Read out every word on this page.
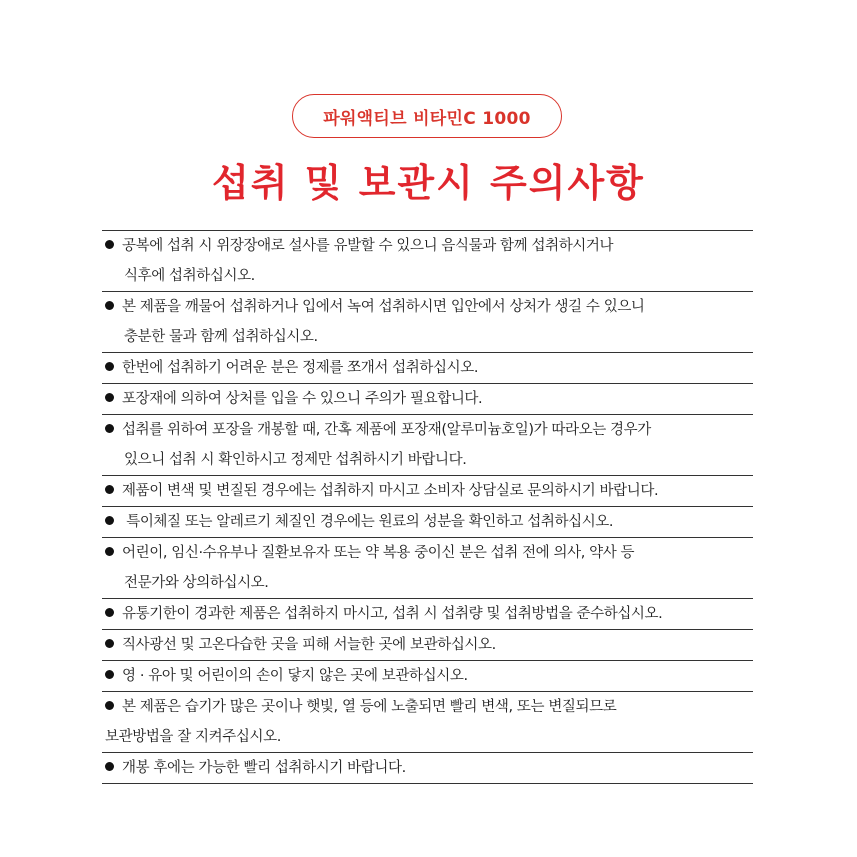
파워액티브 비타민C 1000
섭취 및 보관시 주의사항
공복에 섭취 시 위장장애로 설사를 유발할 수 있으니 음식물과 함께 섭취하시거나
식후에 섭취하십시오.
본 제품을 깨물어 섭취하거나 입에서 녹여 섭취하시면 입안에서 상처가 생길 수 있으니
충분한 물과 함께 섭취하십시오.
한번에 섭취하기 어려운 분은 정제를 쪼개서 섭취하십시오.
포장재에 의하여 상처를 입을 수 있으니 주의가 필요합니다.
섭취를 위하여 포장을 개봉할 때, 간혹 제품에 포장재(알루미늄호일)가 따라오는 경우가
있으니 섭취 시 확인하시고 정제만 섭취하시기 바랍니다.
제품이 변색 및 변질된 경우에는 섭취하지 마시고 소비자 상담실로 문의하시기 바랍니다.
특이체질 또는 알레르기 체질인 경우에는 원료의 성분을 확인하고 섭취하십시오.
어린이, 임신·수유부나 질환보유자 또는 약 복용 중이신 분은 섭취 전에 의사, 약사 등
전문가와 상의하십시오.
유통기한이 경과한 제품은 섭취하지 마시고, 섭취 시 섭취량 및 섭취방법을 준수하십시오.
직사광선 및 고온다습한 곳을 피해 서늘한 곳에 보관하십시오.
영 · 유아 및 어린이의 손이 닿지 않은 곳에 보관하십시오.
본 제품은 습기가 많은 곳이나 햇빛, 열 등에 노출되면 빨리 변색, 또는 변질되므로
보관방법을 잘 지켜주십시오.
개봉 후에는 가능한 빨리 섭취하시기 바랍니다.
